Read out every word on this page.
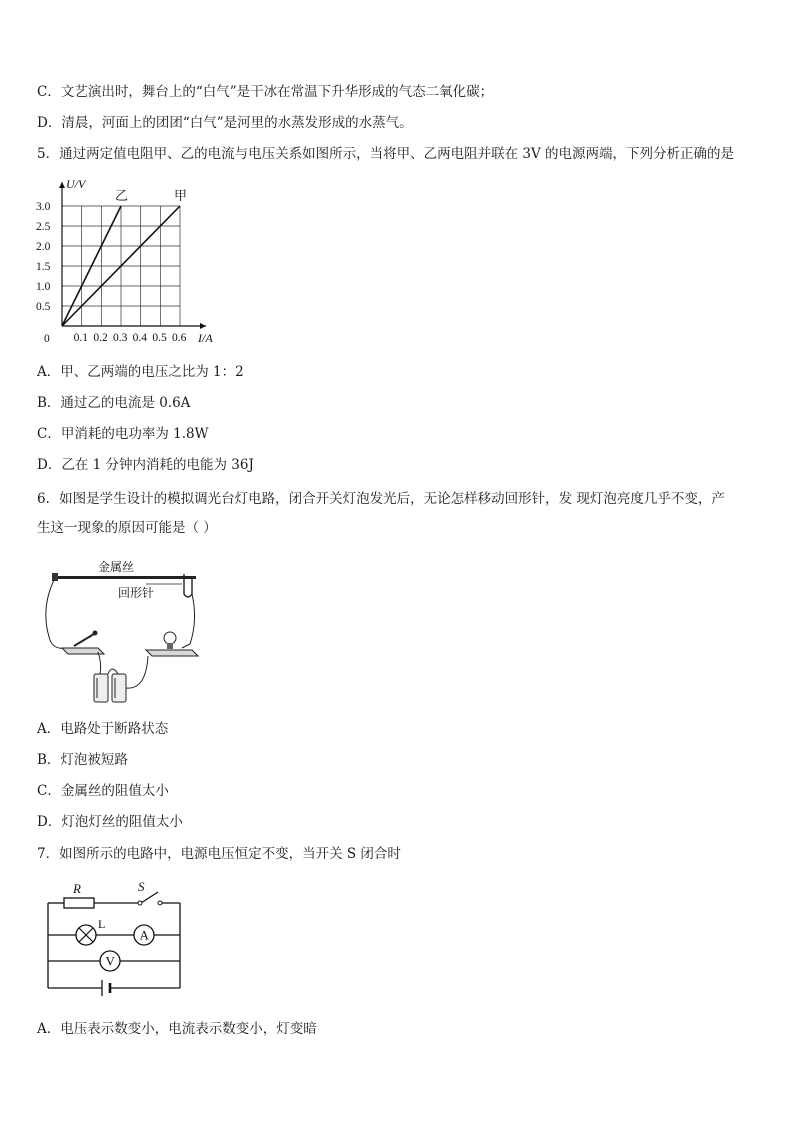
C．文艺演出时，舞台上的“白气”是干冰在常温下升华形成的气态二氧化碳；
D．清晨，河面上的团团“白气”是河里的水蒸发形成的水蒸气。
5．通过两定值电阻甲、乙的电流与电压关系如图所示，当将甲、乙两电阻并联在 3V 的电源两端，下列分析正确的是
0.1 0.2 0.3 0.4 0.5 0.6
0.5
1.0
1.5
2.0
2.5
3.0
0	I/A
U/V
乙	甲
A．甲、乙两端的电压之比为 1：2
B．通过乙的电流是 0.6A
C．甲消耗的电功率为 1.8W
D．乙在 1 分钟内消耗的电能为 36J
6．如图是学生设计的模拟调光台灯电路，闭合开关灯泡发光后，无论怎样移动回形针，发 现灯泡亮度几乎不变，产
生这一现象的原因可能是（ ）
金属丝
回形针
A．电路处于断路状态
B．灯泡被短路
C．金属丝的阻值太小
D．灯泡灯丝的阻值太小
7．如图所示的电路中，电源电压恒定不变，当开关 S 闭合时
A
V
R	S
L
A．电压表示数变小，电流表示数变小，灯变暗
